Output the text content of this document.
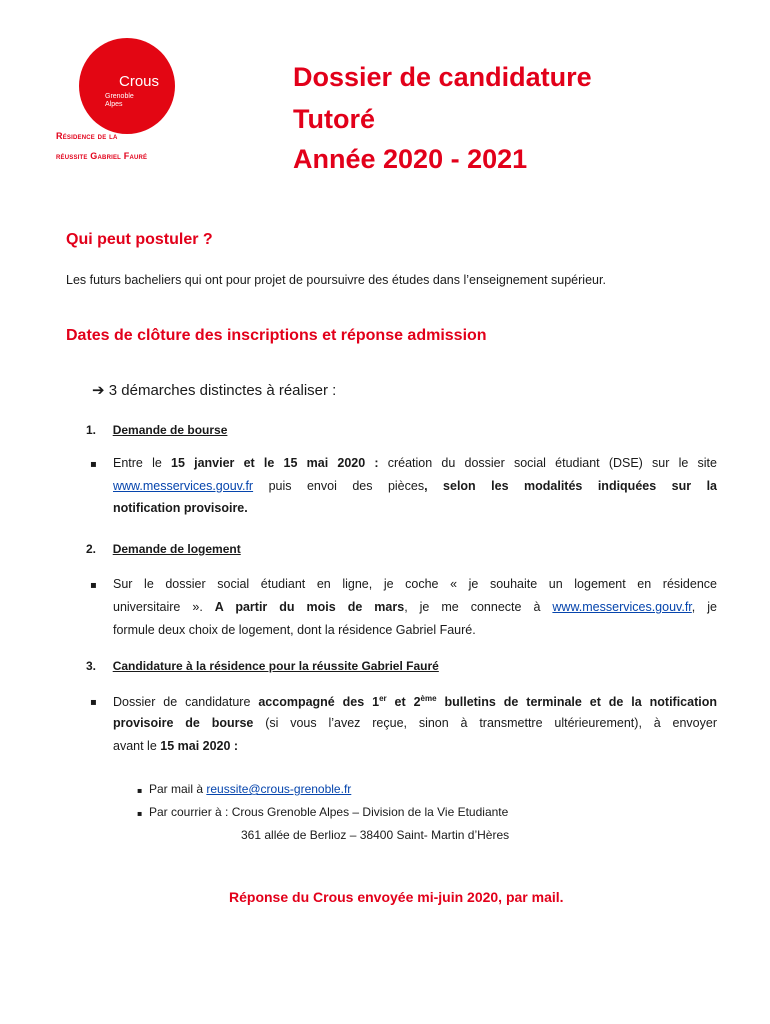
Crous
Grenoble
Alpes
Résidence de la
réussite Gabriel Fauré
Dossier de candidature
Tutoré
Année 2020 - 2021
Qui peut postuler ?
Les futurs bacheliers qui ont pour projet de poursuivre des études dans l’enseignement supérieur.
Dates de clôture des inscriptions et réponse admission
➔ 3 démarches distinctes à réaliser :
1. Demande de bourse
▪ Entre le 15 janvier et le 15 mai 2020 : création du dossier social étudiant (DSE) sur le site
www.messervices.gouv.fr puis envoi des pièces, selon les modalités indiquées sur la
notification provisoire.
2. Demande de logement
▪ Sur le dossier social étudiant en ligne, je coche « je souhaite un logement en résidence
universitaire ». A partir du mois de mars, je me connecte à www.messervices.gouv.fr, je
formule deux choix de logement, dont la résidence Gabriel Fauré.
3. Candidature à la résidence pour la réussite Gabriel Fauré
▪ Dossier de candidature accompagné des 1er et 2ème bulletins de terminale et de la notification
provisoire de bourse (si vous l’avez reçue, sinon à transmettre ultérieurement), à envoyer
avant le 15 mai 2020 :
▪ Par mail à reussite@crous-grenoble.fr
▪ Par courrier à : Crous Grenoble Alpes – Division de la Vie Etudiante
361 allée de Berlioz – 38400 Saint- Martin d’Hères
Réponse du Crous envoyée mi-juin 2020, par mail.
